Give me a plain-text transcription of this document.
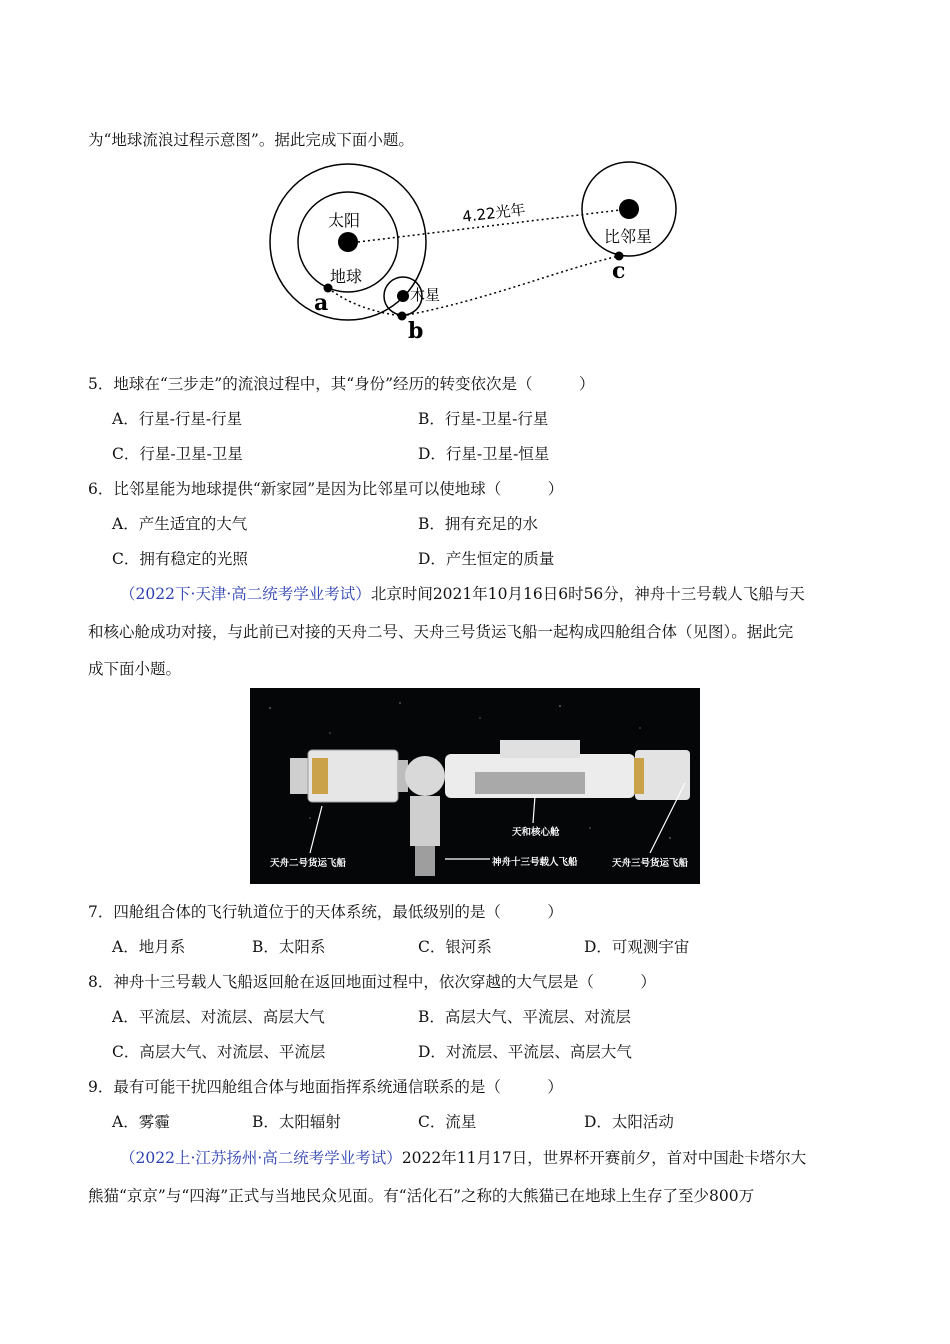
为“地球流浪过程示意图”。据此完成下面小题。
太阳
木星
比邻星
4.22光年
地球
a
b
c
5．地球在“三步走”的流浪过程中，其“身份”经历的转变依次是（　　　）
A．行星-行星-行星	B．行星-卫星-行星
C．行星-卫星-卫星	D．行星-卫星-恒星
6．比邻星能为地球提供“新家园”是因为比邻星可以使地球（　　　）
A．产生适宜的大气	B．拥有充足的水
C．拥有稳定的光照	D．产生恒定的质量
（2022下·天津·高二统考学业考试）北京时间2021年10月16日6时56分，神舟十三号载人飞船与天
和核心舱成功对接，与此前已对接的天舟二号、天舟三号货运飞船一起构成四舱组合体（见图）。据此完
成下面小题。
天舟二号货运飞船	神舟十三号载人飞船
天和核心舱
天舟三号货运飞船
7．四舱组合体的飞行轨道位于的天体系统，最低级别的是（　　　）
A．地月系	B．太阳系	C．银河系	D．可观测宇宙
8．神舟十三号载人飞船返回舱在返回地面过程中，依次穿越的大气层是（　　　）
A．平流层、对流层、高层大气	B．高层大气、平流层、对流层
C．高层大气、对流层、平流层	D．对流层、平流层、高层大气
9．最有可能干扰四舱组合体与地面指挥系统通信联系的是（　　　）
A．雾霾	B．太阳辐射	C．流星	D．太阳活动
（2022上·江苏扬州·高二统考学业考试）2022年11月17日，世界杯开赛前夕，首对中国赴卡塔尔大
熊猫“京京”与“四海”正式与当地民众见面。有“活化石”之称的大熊猫已在地球上生存了至少800万
